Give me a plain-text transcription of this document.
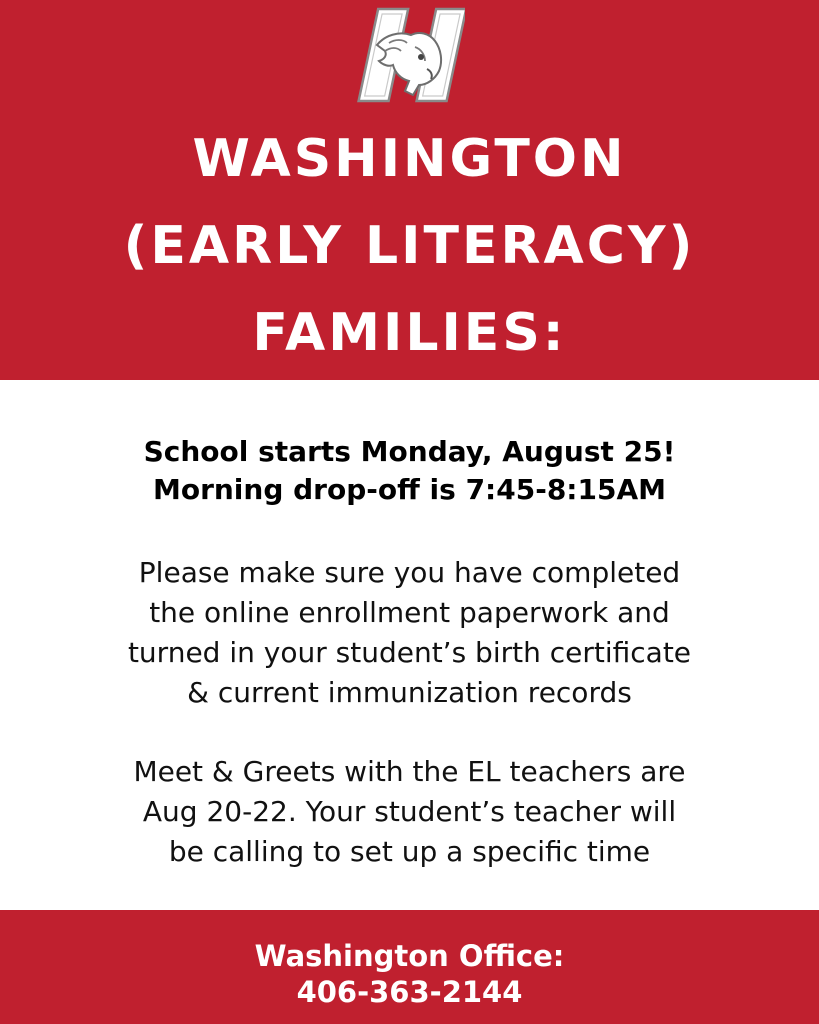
WASHINGTON
(EARLY LITERACY)
FAMILIES:
School starts Monday, August 25!
Morning drop-off is 7:45-8:15AM
Please make sure you have completed
the online enrollment paperwork and
turned in your student’s birth certificate
& current immunization records
Meet & Greets with the EL teachers are
Aug 20-22. Your student’s teacher will
be calling to set up a specific time
Washington Office:
406-363-2144
